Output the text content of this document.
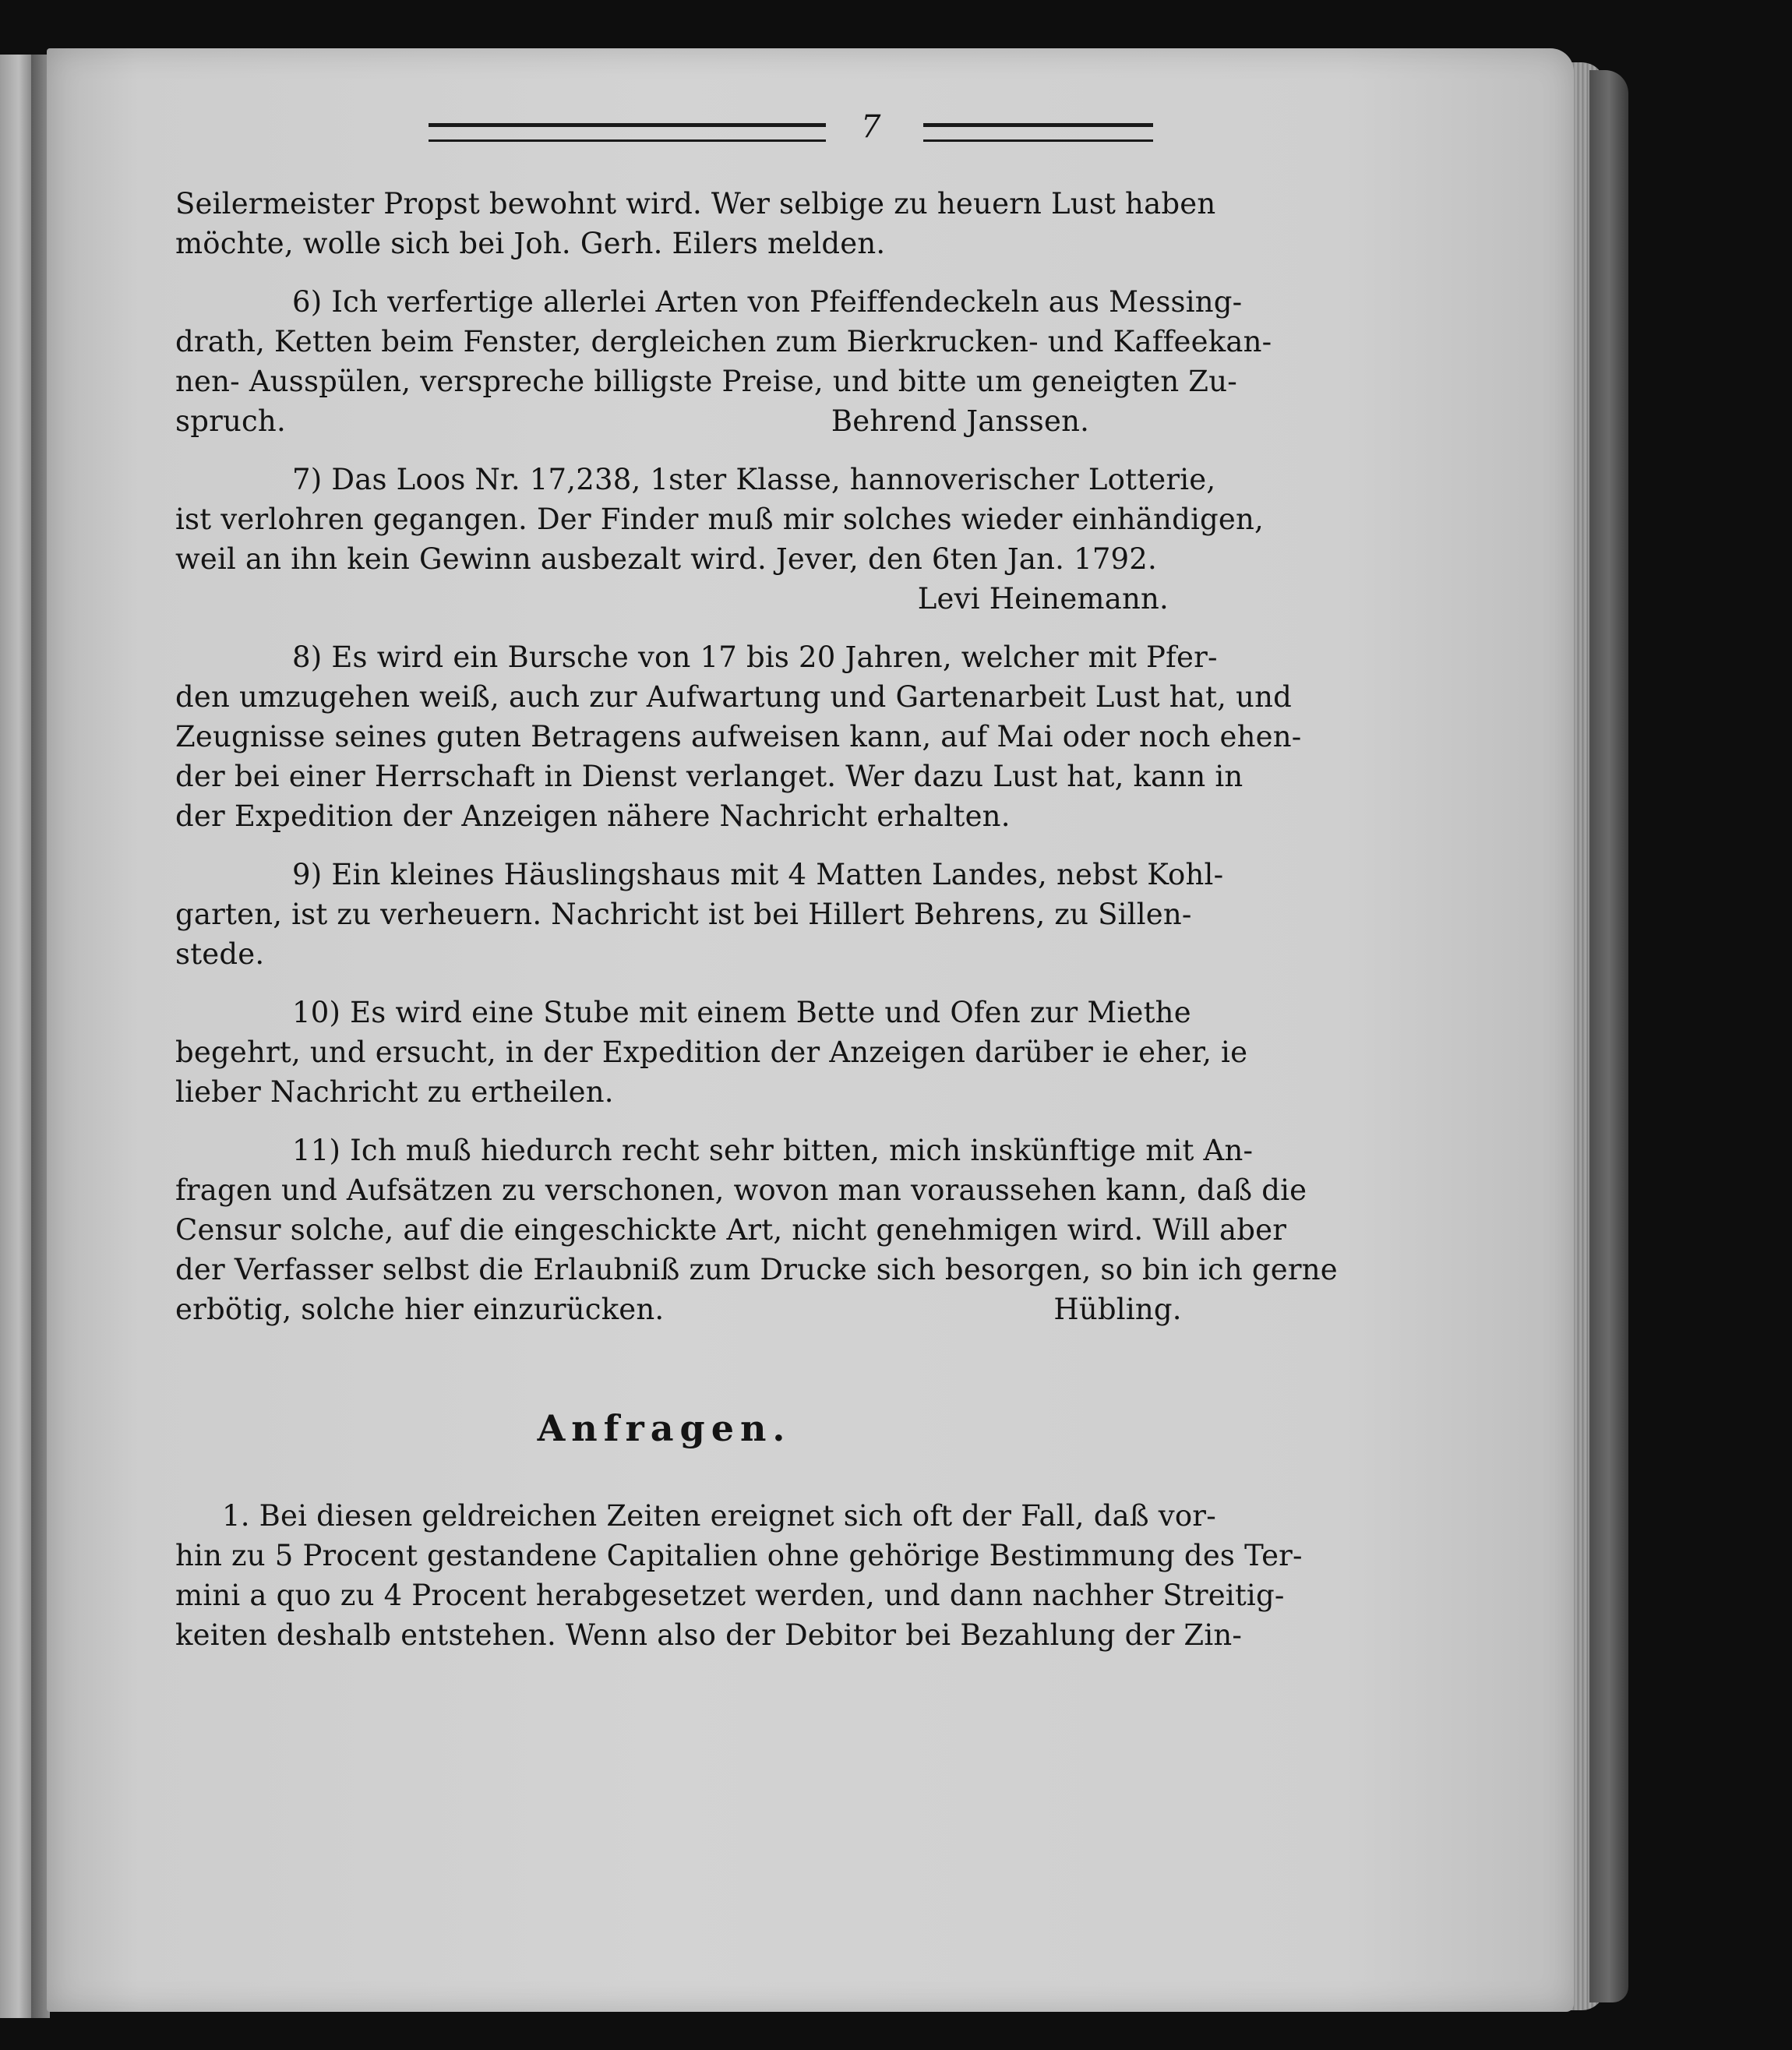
7
Seilermeister Propst bewohnt wird. Wer selbige zu heuern Lust haben
möchte, wolle sich bei Joh. Gerh. Eilers melden.
6) Ich verfertige allerlei Arten von Pfeiffendeckeln aus Messing-
drath, Ketten beim Fenster, dergleichen zum Bierkrucken- und Kaffeekan-
nen- Ausspülen, verspreche billigste Preise, und bitte um geneigten Zu-
spruch.	Behrend Janssen.
7) Das Loos Nr. 17,238, 1ster Klasse, hannoverischer Lotterie,
ist verlohren gegangen. Der Finder muß mir solches wieder einhändigen,
weil an ihn kein Gewinn ausbezalt wird. Jever, den 6ten Jan. 1792.
Levi Heinemann.
8) Es wird ein Bursche von 17 bis 20 Jahren, welcher mit Pfer-
den umzugehen weiß, auch zur Aufwartung und Gartenarbeit Lust hat, und
Zeugnisse seines guten Betragens aufweisen kann, auf Mai oder noch ehen-
der bei einer Herrschaft in Dienst verlanget. Wer dazu Lust hat, kann in
der Expedition der Anzeigen nähere Nachricht erhalten.
9) Ein kleines Häuslingshaus mit 4 Matten Landes, nebst Kohl-
garten, ist zu verheuern. Nachricht ist bei Hillert Behrens, zu Sillen-
stede.
10) Es wird eine Stube mit einem Bette und Ofen zur Miethe
begehrt, und ersucht, in der Expedition der Anzeigen darüber ie eher, ie
lieber Nachricht zu ertheilen.
11) Ich muß hiedurch recht sehr bitten, mich inskünftige mit An-
fragen und Aufsätzen zu verschonen, wovon man voraussehen kann, daß die
Censur solche, auf die eingeschickte Art, nicht genehmigen wird. Will aber
der Verfasser selbst die Erlaubniß zum Drucke sich besorgen, so bin ich gerne
erbötig, solche hier einzurücken.	Hübling.
Anfragen.
1. Bei diesen geldreichen Zeiten ereignet sich oft der Fall, daß vor-
hin zu 5 Procent gestandene Capitalien ohne gehörige Bestimmung des Ter-
mini a quo zu 4 Procent herabgesetzet werden, und dann nachher Streitig-
keiten deshalb entstehen. Wenn also der Debitor bei Bezahlung der Zin-
